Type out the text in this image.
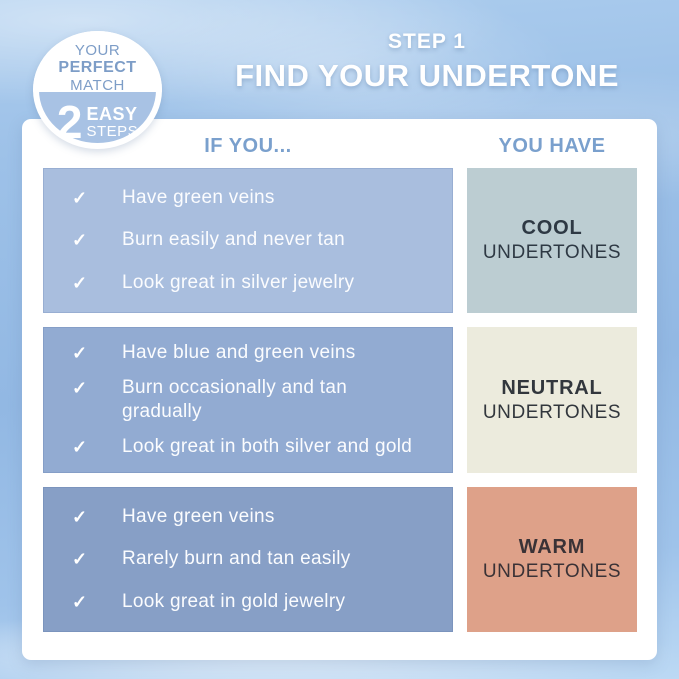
YOUR
PERFECT
MATCH
2 EASY
STEPS
STEP 1
FIND YOUR UNDERTONE
IF YOU...	YOU HAVE
✓	Have green veins
✓	Burn easily and never tan
✓	Look great in silver jewelry
COOL
UNDERTONES
✓	Have blue and green veins
✓	Burn occasionally and tan gradually
✓	Look great in both silver and gold
NEUTRAL
UNDERTONES
✓	Have green veins
✓	Rarely burn and tan easily
✓	Look great in gold jewelry
WARM
UNDERTONES
